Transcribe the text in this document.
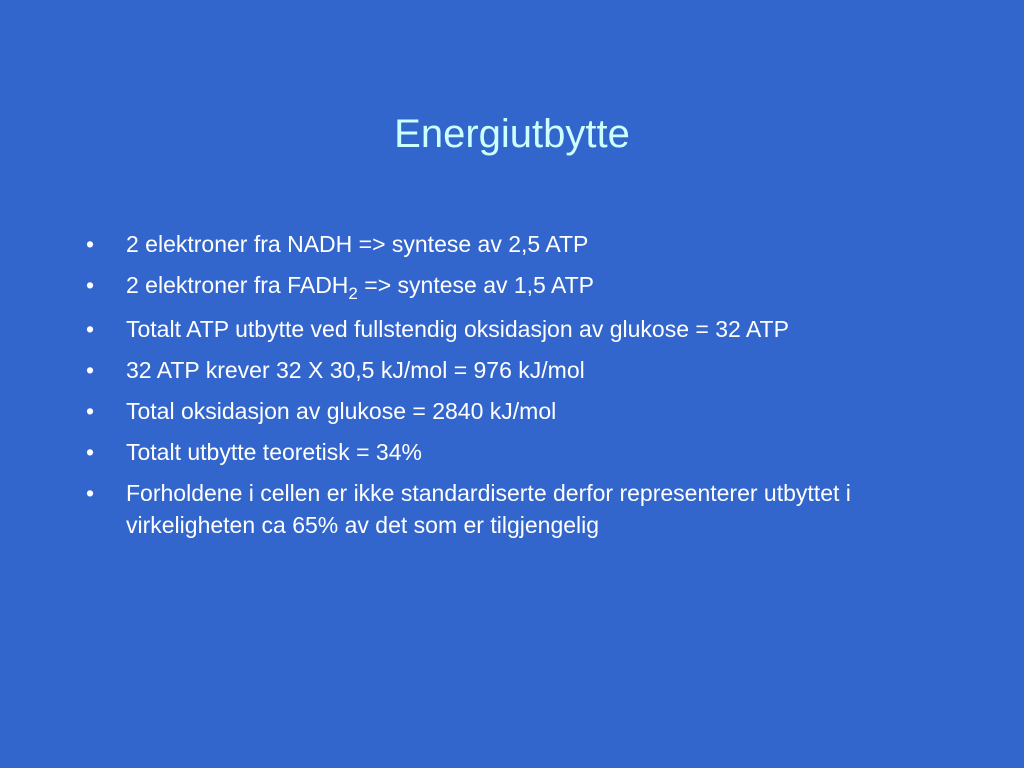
Energiutbytte
•	2 elektroner fra NADH => syntese av 2,5 ATP
•	2 elektroner fra $FADH_2$ => syntese av 1,5 ATP
•	Totalt ATP utbytte ved fullstendig oksidasjon av glukose = 32 ATP
•	32 ATP krever 32 X 30,5 kJ/mol = 976 kJ/mol
•	Total oksidasjon av glukose = 2840 kJ/mol
•	Totalt utbytte teoretisk = 34%
•	Forholdene i cellen er ikke standardiserte derfor representerer utbyttet i virkeligheten ca 65% av det som er tilgjengelig
